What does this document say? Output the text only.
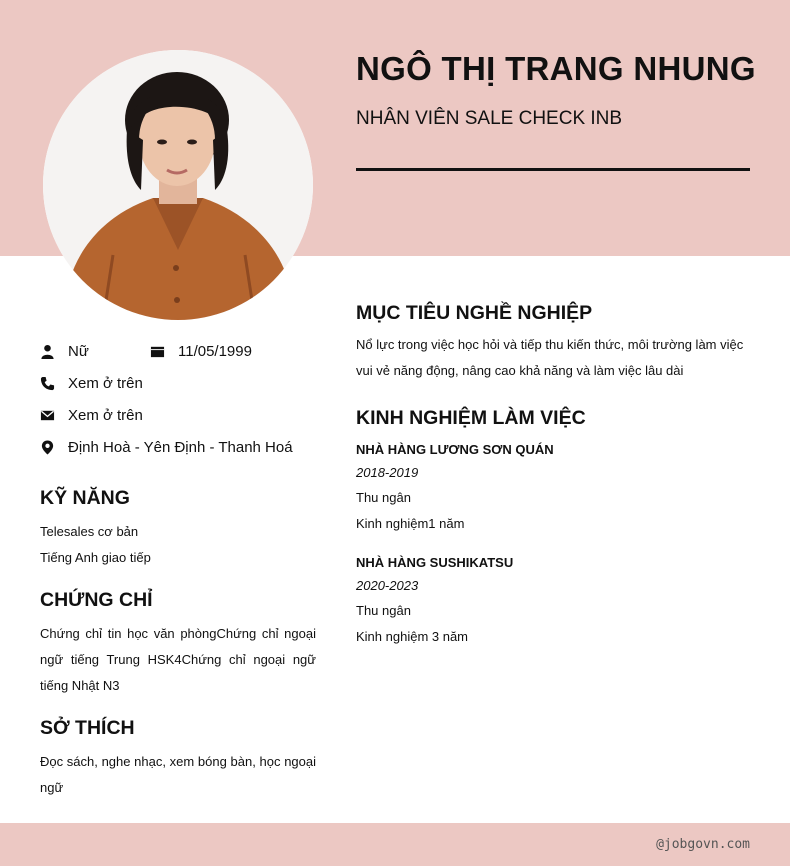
NGÔ THỊ TRANG NHUNG
NHÂN VIÊN SALE CHECK INB
Nữ	11/05/1999
Xem ở trên
Xem ở trên
Định Hoà - Yên Định - Thanh Hoá
KỸ NĂNG
Telesales cơ bản
Tiếng Anh giao tiếp
CHỨNG CHỈ
Chứng chỉ tin học văn phòngChứng chỉ ngoại ngữ tiếng Trung HSK4Chứng chỉ ngoại ngữ tiếng Nhật N3
SỞ THÍCH
Đọc sách, nghe nhạc, xem bóng bàn, học ngoại ngữ
MỤC TIÊU NGHỀ NGHIỆP
Nổ lực trong việc học hỏi và tiếp thu kiến thức, môi trường làm việc vui vẻ năng động, nâng cao khả năng và làm việc lâu dài
KINH NGHIỆM LÀM VIỆC
NHÀ HÀNG LƯƠNG SƠN QUÁN
2018-2019
Thu ngân
Kinh nghiệm1 năm
NHÀ HÀNG SUSHIKATSU
2020-2023
Thu ngân
Kinh nghiệm 3 năm
@jobgovn.com
